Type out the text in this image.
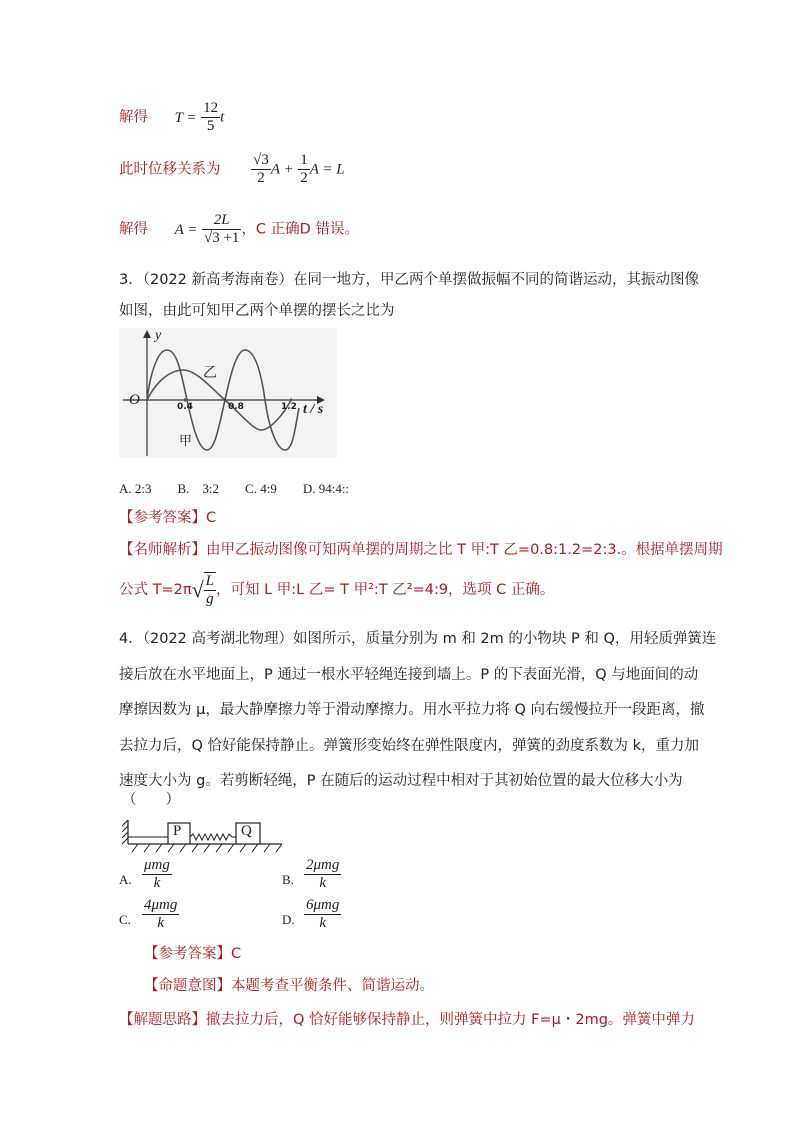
解得 $T = \frac{12}{5}$ t
此时位移关系为 $\frac{√3}{2}$ $A + \frac{1}{2}$ A = L
解得 $A = \frac{2L}{√3 +1}$ ，C 正确D 错误。
3．（2022 新高考海南卷）在同一地方，甲乙两个单摆做振幅不同的简谐运动，其振动图像
如图，由此可知甲乙两个单摆的摆长之比为
y
O
t / s
0.4	0.8	1.2
乙
甲
A. 2:3　　B.　3:2　　C. 4:9　　D. 94:4::
【参考答案】C
【名师解析】由甲乙振动图像可知两单摆的周期之比 T 甲:T 乙=0.8:1.2=2:3.。根据单摆周期
公式 $T=2\pi√ \frac{L}{g}$ ，可知 L 甲:L 乙= T 甲²:T 乙²=4:9，选项 C 正确。
4．（2022 高考湖北物理）如图所示，质量分别为 m 和 2m 的小物块 P 和 Q，用轻质弹簧连
接后放在水平地面上，P 通过一根水平轻绳连接到墙上。P 的下表面光滑，Q 与地面间的动
摩擦因数为 μ，最大静摩擦力等于滑动摩擦力。用水平拉力将 Q 向右缓慢拉开一段距离，撤
去拉力后，Q 恰好能保持静止。弹簧形变始终在弹性限度内，弹簧的劲度系数为 k，重力加
速度大小为 g。若剪断轻绳，P 在随后的运动过程中相对于其初始位置的最大位移大小为
（　　）
P	Q
A. $\frac{\text{μmg}}{k}$	B. $\frac{\text{2μmg}}{k}$
C. $\frac{\text{4μmg}}{k}$	D. $\frac{\text{6μmg}}{k}$
【参考答案】C
【命题意图】本题考查平衡条件、简谐运动。
【解题思路】撤去拉力后，Q 恰好能够保持静止，则弹簧中拉力 F=μ・2mg。弹簧中弹力
